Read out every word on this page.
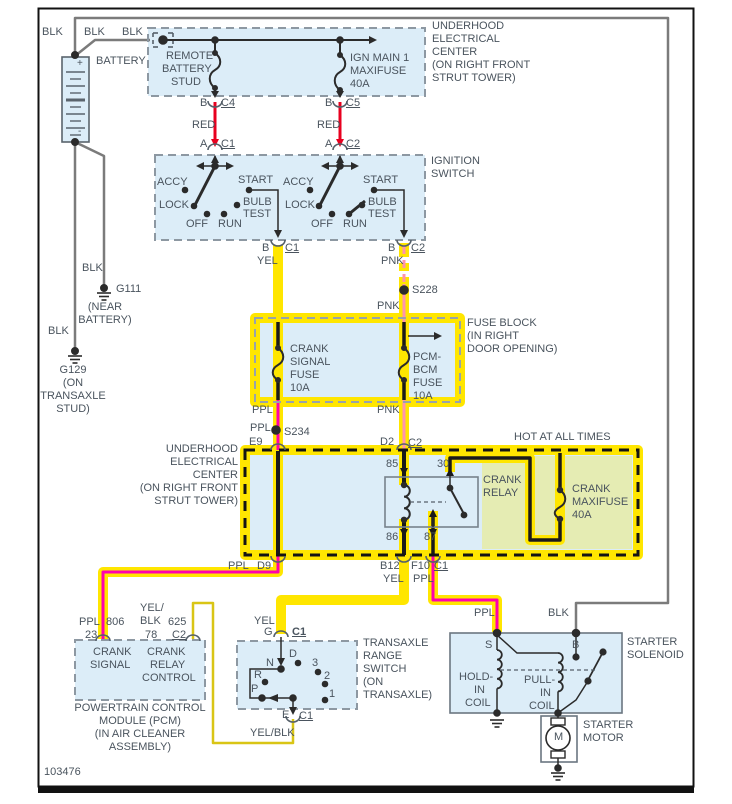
BLK BLK BLK
BATTERY
+
-
BLK
G111
(NEAR
BATTERY)
BLK
G129
(ON
TRANSAXLE
STUD)
REMOTE
BATTERY
STUD
IGN MAIN 1
MAXIFUSE
40A
UNDERHOOD
ELECTRICAL
CENTER
(ON RIGHT FRONT
STRUT TOWER)
B C4
RED
A C1
B C5
RED
A C2
IGNITION
SWITCH
ACCY
LOCK
OFF RUN
START
BULB
TEST
ACCY
LOCK
OFF RUN
START
BULB
TEST
B C1
YEL
B C2
PNK
S228
PNK
CRANK
SIGNAL
FUSE
10A
PCM-
BCM
FUSE
10A
FUSE BLOCK
(IN RIGHT
DOOR OPENING)
PPL	PNK
PPL S234
E9	D2 C2
UNDERHOOD
ELECTRICAL
CENTER
(ON RIGHT FRONT
STRUT TOWER)
HOT AT ALL TIMES
85	30
86 87
CRANK
RELAY	CRANK
MAXIFUSE
40A
PPL D9	B12
YEL
F10
PPL
C1
PPL 806
23
YEL/
BLK 625
78 C2
CRANK
SIGNAL
CRANK
RELAY
CONTROL
POWERTRAIN CONTROL
MODULE (PCM)
(IN AIR CLEANER
ASSEMBLY)
YEL
G C1
N
D
3
R	2
P	1
E C1
YEL/BLK
TRANSAXLE
RANGE
SWITCH
(ON
TRANSAXLE)
PPL	BLK
S	B	STARTER
SOLENOID
HOLD-
IN
COIL
PULL-
IN
COIL
M
STARTER
MOTOR
103476
